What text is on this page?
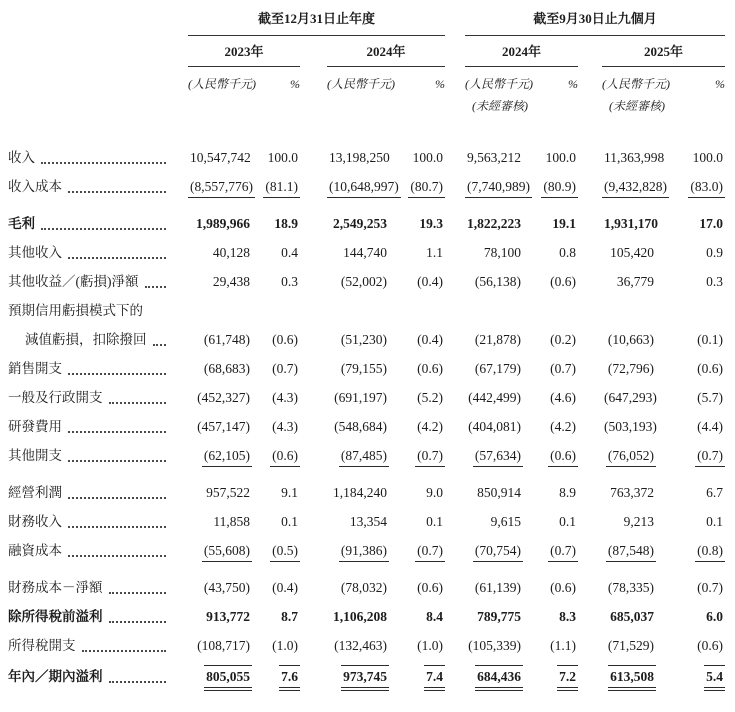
截至12月31日止年度	截至9月30日止九個月
2023年	2024年	2024年	2025年
(人民幣千元)	% (人民幣千元)	% (人民幣千元)	% (人民幣千元)	%
(未經審核)	(未經審核)
收入	10,547,742	100.0 13,198,250	100.0 9,563,212	100.0 11,363,998	100.0
收入成本	(8,557,776) (81.1) (10,648,997) (80.7) (7,740,989) (80.9) (9,432,828)	(83.0)
毛利	1,989,966	18.9	2,549,253	19.3 1,822,223	19.1 1,931,170	17.0
其他收入	40,128	0.4	144,740	1.1	78,100	0.8	105,420	0.9
其他收益／(虧損)淨額	29,438	0.3	(52,002)	(0.4)	(56,138)	(0.6)	36,779	0.3
預期信用虧損模式下的
減值虧損，扣除撥回	(61,748)	(0.6)	(51,230)	(0.4)	(21,878)	(0.2)	(10,663)	(0.1)
銷售開支	(68,683)	(0.7)	(79,155)	(0.6)	(67,179)	(0.7)	(72,796)	(0.6)
一般及行政開支	(452,327)	(4.3)	(691,197)	(5.2) (442,499)	(4.6) (647,293)	(5.7)
研發費用	(457,147)	(4.3)	(548,684)	(4.2) (404,081)	(4.2) (503,193)	(4.4)
其他開支	(62,105)	(0.6)	(87,485)	(0.7)	(57,634)	(0.6)	(76,052)	(0.7)
經營利潤	957,522	9.1	1,184,240	9.0	850,914	8.9	763,372	6.7
財務收入	11,858	0.1	13,354	0.1	9,615	0.1	9,213	0.1
融資成本	(55,608)	(0.5)	(91,386)	(0.7)	(70,754)	(0.7)	(87,548)	(0.8)
財務成本－淨額	(43,750)	(0.4)	(78,032)	(0.6)	(61,139)	(0.6)	(78,335)	(0.7)
除所得稅前溢利	913,772	8.7	1,106,208	8.4	789,775	8.3	685,037	6.0
所得稅開支	(108,717)	(1.0)	(132,463)	(1.0) (105,339)	(1.1)	(71,529)	(0.6)
年內／期內溢利	805,055	7.6	973,745	7.4	684,436	7.2	613,508	5.4
